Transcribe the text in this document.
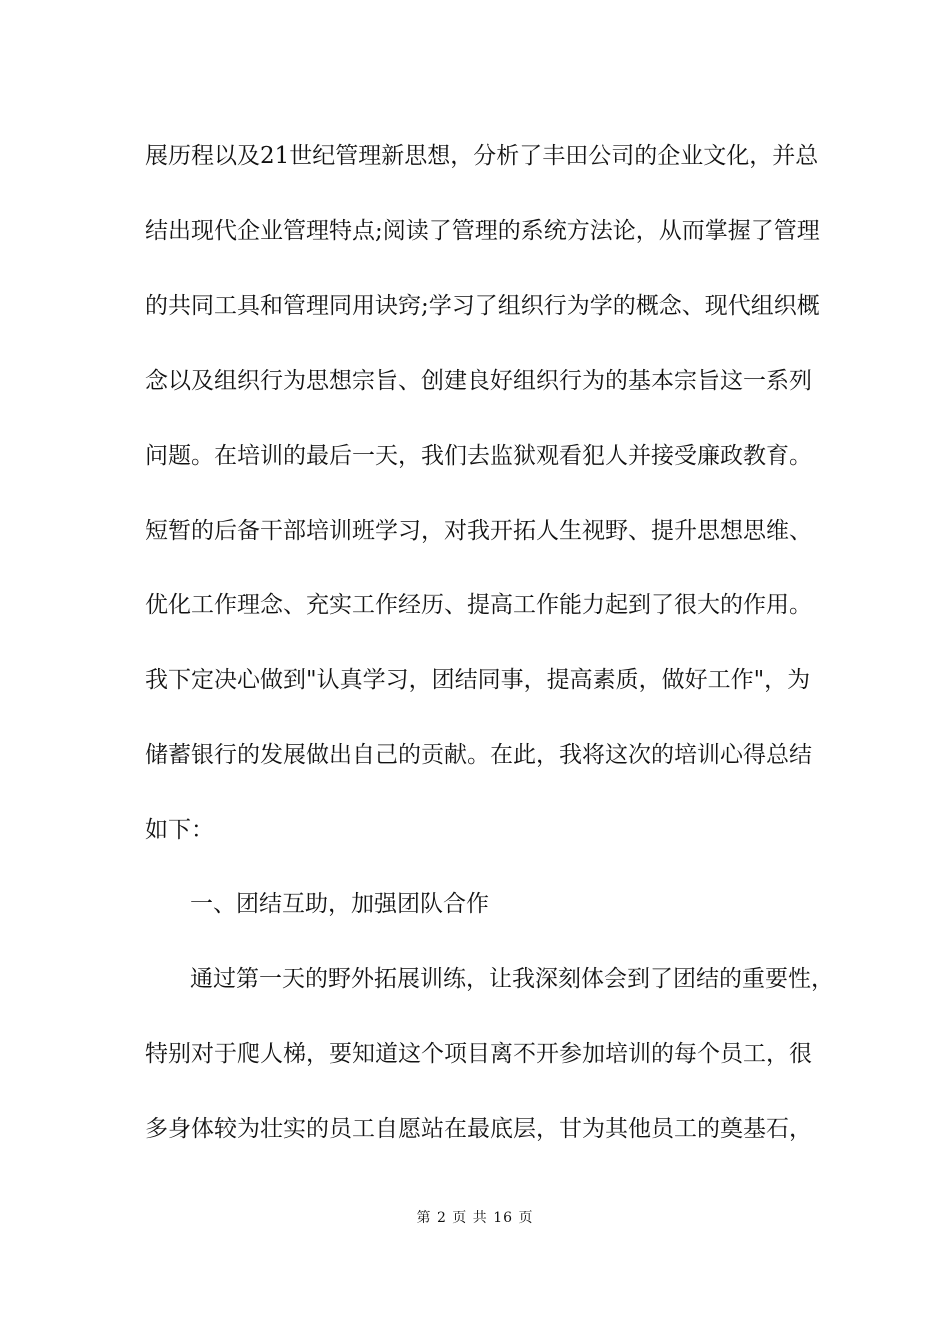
展历程以及21世纪管理新思想，分析了丰田公司的企业文化，并总
结出现代企业管理特点;阅读了管理的系统方法论，从而掌握了管理
的共同工具和管理同用诀窍;学习了组织行为学的概念、现代组织概
念以及组织行为思想宗旨、创建良好组织行为的基本宗旨这一系列
问题。在培训的最后一天，我们去监狱观看犯人并接受廉政教育。
短暂的后备干部培训班学习，对我开拓人生视野、提升思想思维、
优化工作理念、充实工作经历、提高工作能力起到了很大的作用。
我下定决心做到"认真学习，团结同事，提高素质，做好工作"，为
储蓄银行的发展做出自己的贡献。在此，我将这次的培训心得总结
如下：
一、团结互助，加强团队合作
通过第一天的野外拓展训练，让我深刻体会到了团结的重要性，
特别对于爬人梯，要知道这个项目离不开参加培训的每个员工，很
多身体较为壮实的员工自愿站在最底层，甘为其他员工的奠基石，
第 2 页 共 16 页
